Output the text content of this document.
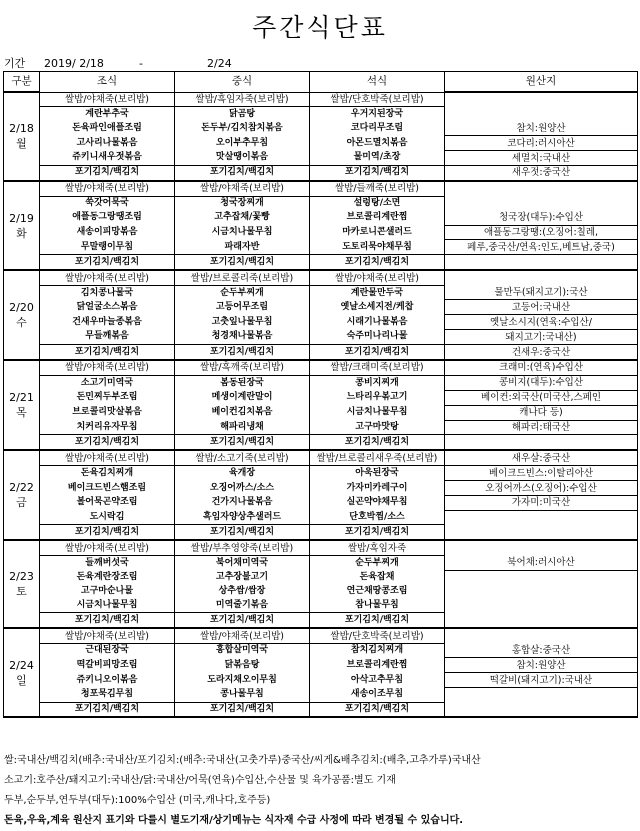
주간식단표
기간 2019/ 2/18	-	2/24
구분	조식	중식	석식	원산지

2/18
월	쌀밥/야채죽(보리밥)	쌀밥/흑임자죽(보리밥)	쌀밥/단호박죽(보리밥)	
	계란부추국	닭곰탕	우거지된장국	
	돈육파인애플조림	돈두부/김치참치볶음	코다리무조림	참치:원양산
	고사리나물볶음	오이부추무침	아몬드멸치볶음	코다리:러시아산
	쥬키니새우젓볶음	맛살땡이볶음	물미역/초장	세멸치:국내산
	포기김치/백김치	포기김치/백김치	포기김치/백김치	새우젓:중국산

2/19
화	쌀밥/야채죽(보리밥)	쌀밥/야채죽(보리밥)	쌀밥/들깨죽(보리밥)	
	쑥갓어묵국	청국장찌개	설렁탕/소면	
	애플동그랑땡조림	고추잡채/꽃빵	브로콜리계란찜	청국장(대두):수입산
	새송이피망볶음	시금치나물무침	마카로니콘샐러드	애플동그랑땡:(오징어:칠레,
	무말랭이무침	파래자반	도토리묵야채무침	페루,중국산/연육:인도,베트남,중국)
	포기김치/백김치	포기김치/백김치	포기김치/백김치	

2/20
수	쌀밥/야채죽(보리밥)	쌀밥/브로콜리죽(보리밥)	쌀밥/야채죽(보리밥)	
	김치콩나물국	순두부찌개	계란물만두국	물만두(돼지고기):국산
	닭얼굴소스볶음	고등어무조림	옛날소세지전/케찹	고등어:국내산
	건새우마늘종볶음	고춧잎나물무침	시래기나물볶음	옛날소시지(연육:수입산/
	무들깨볶음	청경채나물볶음	숙주미나리나물	돼지고기:국내산)
	포기김치/백김치	포기김치/백김치	포기김치/백김치	건새우:중국산

2/21
목	쌀밥/야채죽(보리밥)	쌀밥/흑깨죽(보리밥)	쌀밥/크래미죽(보리밥)	크래미:(연육)수입산
	소고기미역국	봄동된장국	콩비지찌개	콩비지(대두):수입산
	돈민찌두부조림	메생이계란말이	느타리우볶고기	베이컨:외국산(미국산,스페인
	브로콜리맛살볶음	베이컨김치볶음	시금치나물무침	캐나다 등)
	치커리유자무침	해파리냉채	고구마맛탕	해파리:태국산
	포기김치/백김치	포기김치/백김치	포기김치/백김치	

2/22
금	쌀밥/야채죽(보리밥)	쌀밥/소고기죽(보리밥)	쌀밥/브로콜리새우죽(보리밥)	새우살:중국산
	돈육김치찌개	육개장	아욱된장국	베이크드빈스:이탈리아산
	베이크드빈스햄조림	오징어까스/소스	가자미카레구이	오징어까스(오징어):수입산
	볼어묵곤약조림	건가지나물볶음	실곤약야채무침	가자미:미국산
	도시락김	흑임자양상추샐러드	단호박찜/소스	
	포기김치/백김치	포기김치/백김치	포기김치/백김치	

2/23
토	쌀밥/야채죽(보리밥)	쌀밥/부추영양죽(보리밥)	쌀밥/흑임자죽	
	들깨버섯국	북어채미역국	순두부찌개	북어채:러시아산
	돈육계란장조림	고추장불고기	돈육잡채	
	고구마순나물	상추쌈/쌈장	연근채땅콩조림	
	시금치나물무침	미역줄기볶음	참나물무침	
	포기김치/백김치	포기김치/백김치	포기김치/백김치	

2/24
일	쌀밥/야채죽(보리밥)	쌀밥/야채죽(보리밥)	쌀밥/단호박죽(보리밥)	
	근대된장국	홍합살미역국	참치김치찌개	홍합살:중국산
	떡갈비피망조림	닭볶음탕	브로콜리계란찜	참치:원양산
	쥬키니오이볶음	도라지채오이무침	아삭고추무침	떡갈비(돼지고기):국내산
	청포묵김무침	콩나물무침	새송이조무침	
	포기김치/백김치	포기김치/백김치	포기김치/백김치	
쌀:국내산/백김치(배추:국내산/포기김치:(배추:국내산(고춧가루)중국산/씨게&배추김치:(배추,고추가루)국내산
소고기:호주산/돼지고기:국내산/닭:국내산/어묵(연육)수입산,수산물 및 육가공품:별도 기재
두부,순두부,연두부(대두):100%수입산 (미국,캐나다,호주등)
돈육,우육,계육 원산지 표기와 다를시 별도기재/상기메뉴는 식자재 수급 사정에 따라 변경될 수 있습니다.
